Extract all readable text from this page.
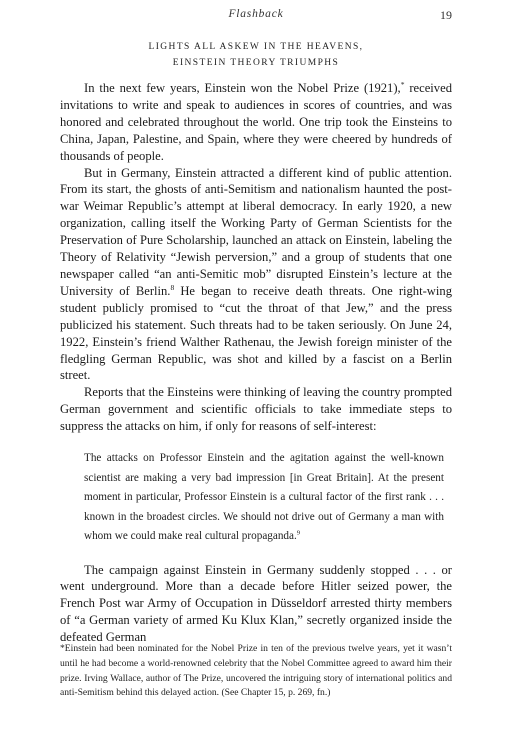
Flashback	19
LIGHTS ALL ASKEW IN THE HEAVENS,
EINSTEIN THEORY TRIUMPHS

In the next few years, Einstein won the Nobel Prize (1921),* received invitations to write and speak to audiences in scores of countries, and was honored and celebrated throughout the world. One trip took the Einsteins to China, Japan, Palestine, and Spain, where they were cheered by hundreds of thousands of people.

But in Germany, Einstein attracted a different kind of public attention. From its start, the ghosts of anti-Semitism and nationalism haunted the post-war Weimar Republic’s attempt at liberal democracy. In early 1920, a new organization, calling itself the Working Party of German Scientists for the Preservation of Pure Scholarship, launched an attack on Einstein, labeling the Theory of Relativity “Jewish perversion,” and a group of students that one newspaper called “an anti-Semitic mob” disrupted Einstein’s lecture at the University of Berlin.$^8$ He began to receive death threats. One right-wing student publicly promised to “cut the throat of that Jew,” and the press publicized his statement. Such threats had to be taken seriously. On June 24, 1922, Einstein’s friend Walther Rathenau, the Jewish foreign minister of the fledgling German Republic, was shot and killed by a fascist on a Berlin street.

Reports that the Einsteins were thinking of leaving the country prompted German government and scientific officials to take immediate steps to suppress the attacks on him, if only for reasons of self-interest:

The attacks on Professor Einstein and the agitation against the well-known scientist are making a very bad impression [in Great Britain]. At the present moment in particular, Professor Einstein is a cultural factor of the first rank . . . known in the broadest circles. We should not drive out of Germany a man with whom we could make real cultural propaganda.$^9$

The campaign against Einstein in Germany suddenly stopped . . . or went underground. More than a decade before Hitler seized power, the French Post war Army of Occupation in Düsseldorf arrested thirty members of “a German variety of armed Ku Klux Klan,” secretly organized inside the defeated German

*Einstein had been nominated for the Nobel Prize in ten of the previous twelve years, yet it wasn’t until he had become a world-renowned celebrity that the Nobel Committee agreed to award him their prize. Irving Wallace, author of The Prize, uncovered the intriguing story of international politics and anti-Semitism behind this delayed action. (See Chapter 15, p. 269, fn.)
